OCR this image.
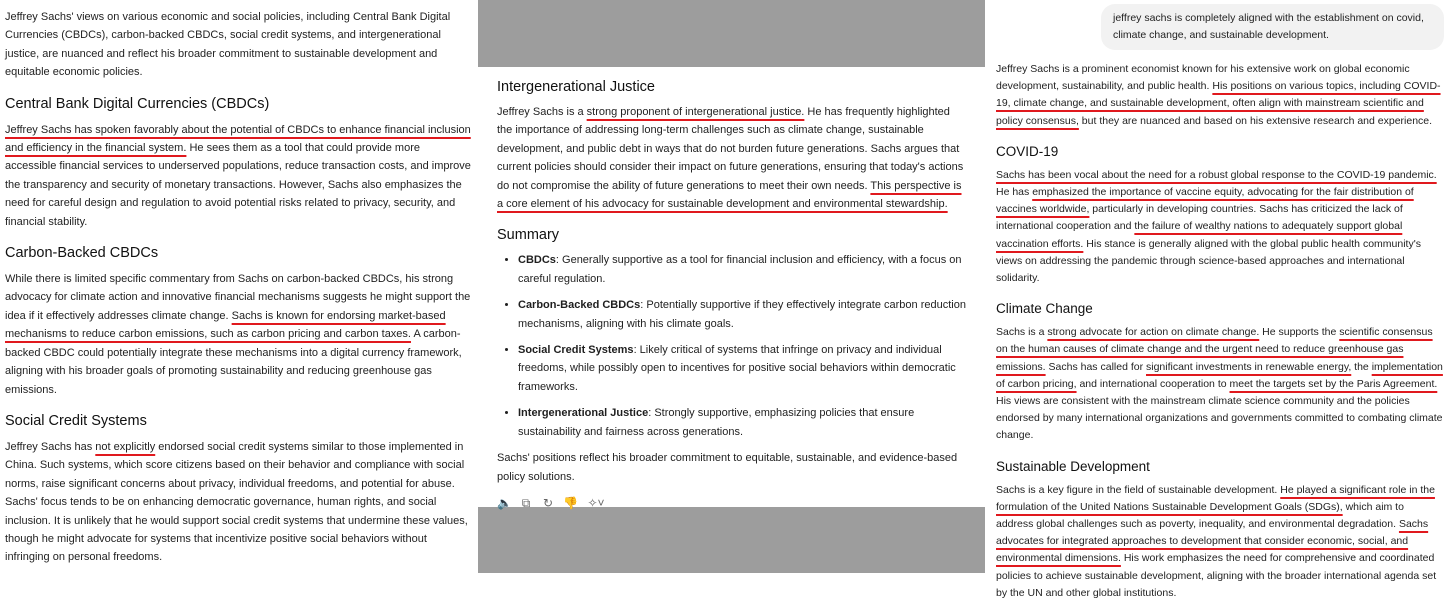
Jeffrey Sachs' views on various economic and social policies, including Central Bank Digital Currencies (CBDCs), carbon-backed CBDCs, social credit systems, and intergenerational justice, are nuanced and reflect his broader commitment to sustainable development and equitable economic policies.

Central Bank Digital Currencies (CBDCs)

Jeffrey Sachs has spoken favorably about the potential of CBDCs to enhance financial inclusion and efficiency in the financial system. He sees them as a tool that could provide more accessible financial services to underserved populations, reduce transaction costs, and improve the transparency and security of monetary transactions. However, Sachs also emphasizes the need for careful design and regulation to avoid potential risks related to privacy, security, and financial stability.

Carbon-Backed CBDCs

While there is limited specific commentary from Sachs on carbon-backed CBDCs, his strong advocacy for climate action and innovative financial mechanisms suggests he might support the idea if it effectively addresses climate change. Sachs is known for endorsing market-based mechanisms to reduce carbon emissions, such as carbon pricing and carbon taxes. A carbon-backed CBDC could potentially integrate these mechanisms into a digital currency framework, aligning with his broader goals of promoting sustainability and reducing greenhouse gas emissions.

Social Credit Systems

Jeffrey Sachs has not explicitly endorsed social credit systems similar to those implemented in China. Such systems, which score citizens based on their behavior and compliance with social norms, raise significant concerns about privacy, individual freedoms, and potential for abuse. Sachs' focus tends to be on enhancing democratic governance, human rights, and social inclusion. It is unlikely that he would support social credit systems that undermine these values, though he might advocate for systems that incentivize positive social behaviors without infringing on personal freedoms.

Intergenerational Justice

Jeffrey Sachs is a strong proponent of intergenerational justice. He has frequently highlighted the importance of addressing long-term challenges such as climate change, sustainable development, and public debt in ways that do not burden future generations. Sachs argues that current policies should consider their impact on future generations, ensuring that today's actions do not compromise the ability of future generations to meet their own needs. This perspective is a core element of his advocacy for sustainable development and environmental stewardship.

Summary
• CBDCs: Generally supportive as a tool for financial inclusion and efficiency, with a focus on careful regulation.
• Carbon-Backed CBDCs: Potentially supportive if they effectively integrate carbon reduction mechanisms, aligning with his climate goals.
• Social Credit Systems: Likely critical of systems that infringe on privacy and individual freedoms, while possibly open to incentives for positive social behaviors within democratic frameworks.
• Intergenerational Justice: Strongly supportive, emphasizing policies that ensure sustainability and fairness across generations.

Sachs' positions reflect his broader commitment to equitable, sustainable, and evidence-based policy solutions.

🔈 ⧉ ↻ 👎 ✧˅
jeffrey sachs is completely aligned with the establishment on covid, climate change, and sustainable development.

Jeffrey Sachs is a prominent economist known for his extensive work on global economic development, sustainability, and public health. His positions on various topics, including COVID-19, climate change, and sustainable development, often align with mainstream scientific and policy consensus, but they are nuanced and based on his extensive research and experience.

COVID-19

Sachs has been vocal about the need for a robust global response to the COVID-19 pandemic. He has emphasized the importance of vaccine equity, advocating for the fair distribution of vaccines worldwide, particularly in developing countries. Sachs has criticized the lack of international cooperation and the failure of wealthy nations to adequately support global vaccination efforts. His stance is generally aligned with the global public health community's views on addressing the pandemic through science-based approaches and international solidarity.

Climate Change

Sachs is a strong advocate for action on climate change. He supports the scientific consensus on the human causes of climate change and the urgent need to reduce greenhouse gas emissions. Sachs has called for significant investments in renewable energy, the implementation of carbon pricing, and international cooperation to meet the targets set by the Paris Agreement. His views are consistent with the mainstream climate science community and the policies endorsed by many international organizations and governments committed to combating climate change.

Sustainable Development

Sachs is a key figure in the field of sustainable development. He played a significant role in the formulation of the United Nations Sustainable Development Goals (SDGs), which aim to address global challenges such as poverty, inequality, and environmental degradation. Sachs advocates for integrated approaches to development that consider economic, social, and environmental dimensions. His work emphasizes the need for comprehensive and coordinated policies to achieve sustainable development, aligning with the broader international agenda set by the UN and other global institutions.
